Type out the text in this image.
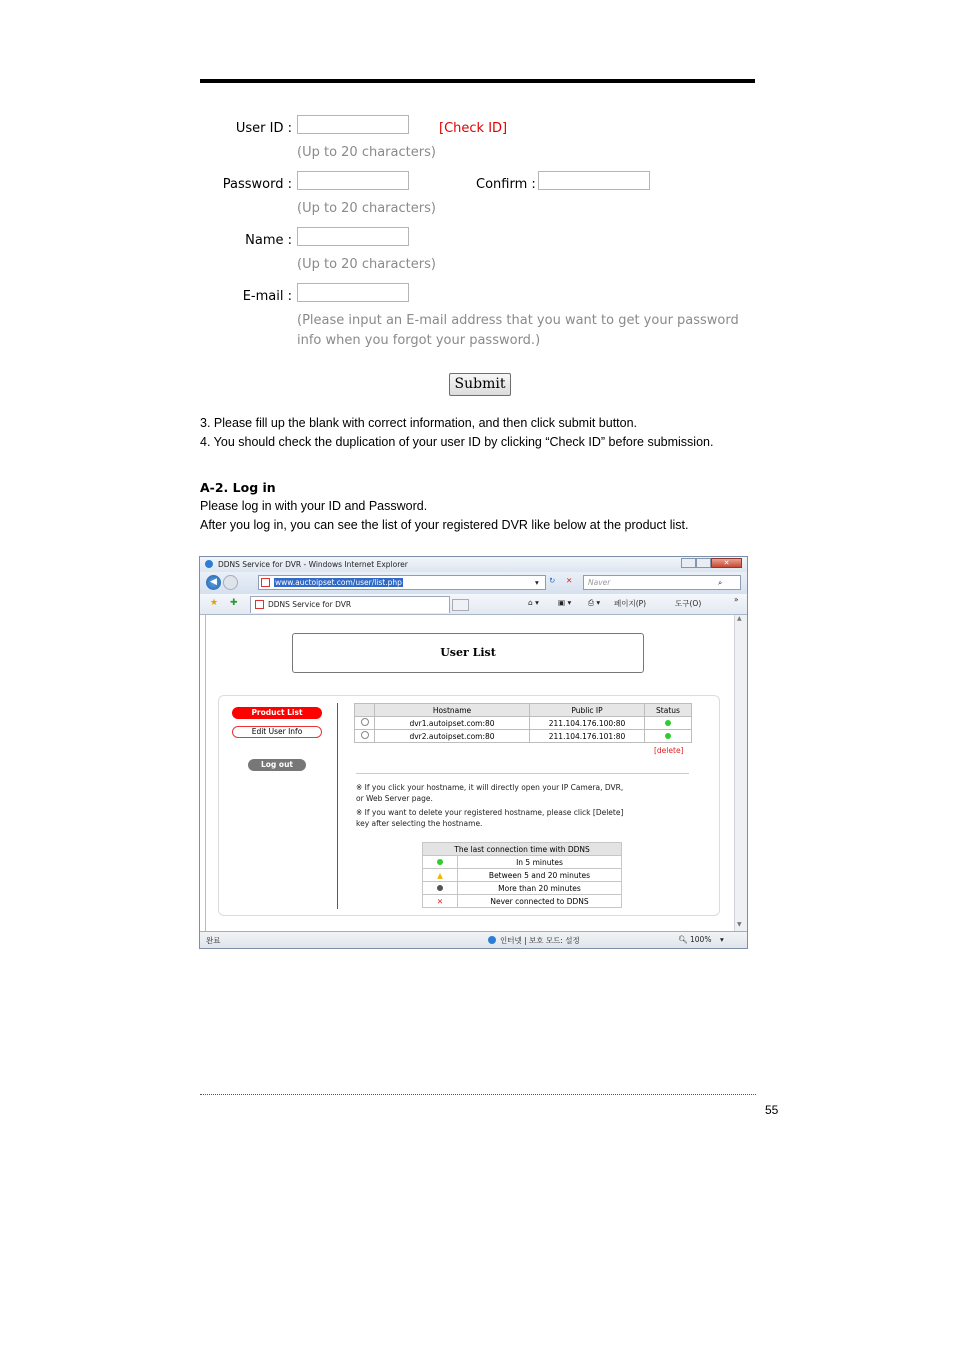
User ID :	[Check ID]
(Up to 20 characters)
Password :	Confirm :
(Up to 20 characters)
Name :
(Up to 20 characters)
E-mail :
(Please input an E-mail address that you want to get your password
info when you forgot your password.)
Submit
3. Please fill up the blank with correct information, and then click submit button.
4. You should check the duplication of your user ID by clicking “Check ID” before submission.
A-2. Log in
Please log in with your ID and Password.
After you log in, you can see the list of your registered DVR like below at the product list.
DDNS Service for DVR - Windows Internet Explorer	✕
◀	www.auctoipset.com/user/list.php	▾ ↻ ✕ Naver	⌕
★ ✚	DDNS Service for DVR	⌂ ▾	▣ ▾ ⎙ ▾ 페이지(P)	도구(O)	»
User List
Product List
Edit User Info
Log out
	Hostname	Public IP	Status
	dvr1.autoipset.com:80	211.104.176.100:80	
	dvr2.autoipset.com:80	211.104.176.101:80	
[delete]
※ If you click your hostname, it will directly open your IP Camera, DVR,
or Web Server page.
※ If you want to delete your registered hostname, please click [Delete]
key after selecting the hostname.
The last connection time with DDNS	
	In 5 minutes
▲	Between 5 and 20 minutes
	More than 20 minutes
✕	Never connected to DDNS
▲
▼
완료	인터넷 | 보호 모드: 설정	🔍︎ 100% ▾
55
